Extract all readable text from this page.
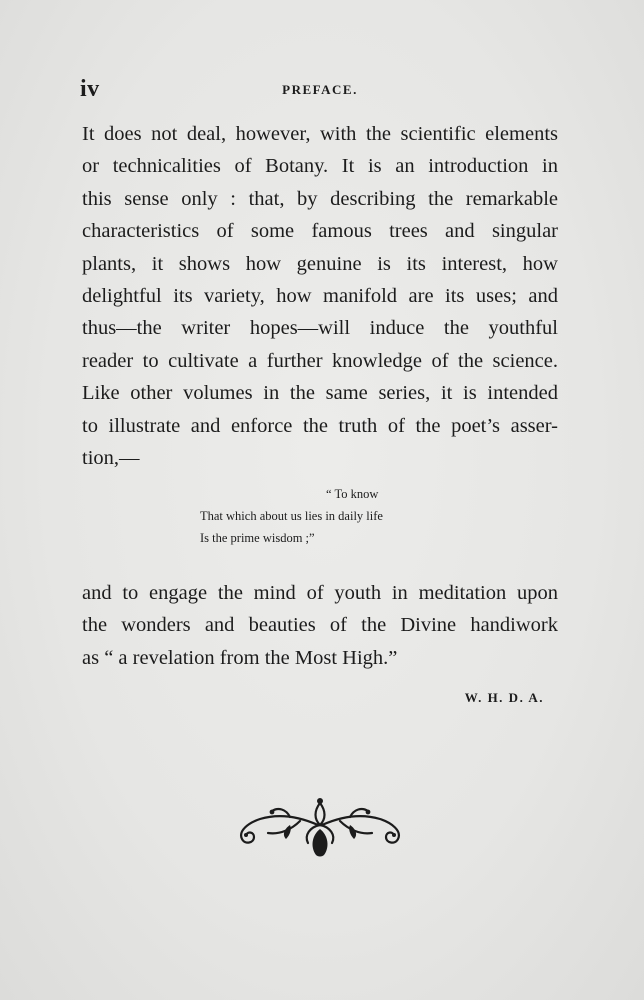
iv	PREFACE.
It does not deal, however, with the scientific elements
or technicalities of Botany. It is an introduction in
this sense only : that, by describing the remarkable
characteristics of some famous trees and singular
plants, it shows how genuine is its interest, how
delightful its variety, how manifold are its uses; and
thus—the writer hopes—will induce the youthful
reader to cultivate a further knowledge of the science.
Like other volumes in the same series, it is intended
to illustrate and enforce the truth of the poet’s asser-
tion,—
“ To know
That which about us lies in daily life
Is the prime wisdom ;”
and to engage the mind of youth in meditation upon
the wonders and beauties of the Divine handiwork
as “ a revelation from the Most High.”
W. H. D. A.
